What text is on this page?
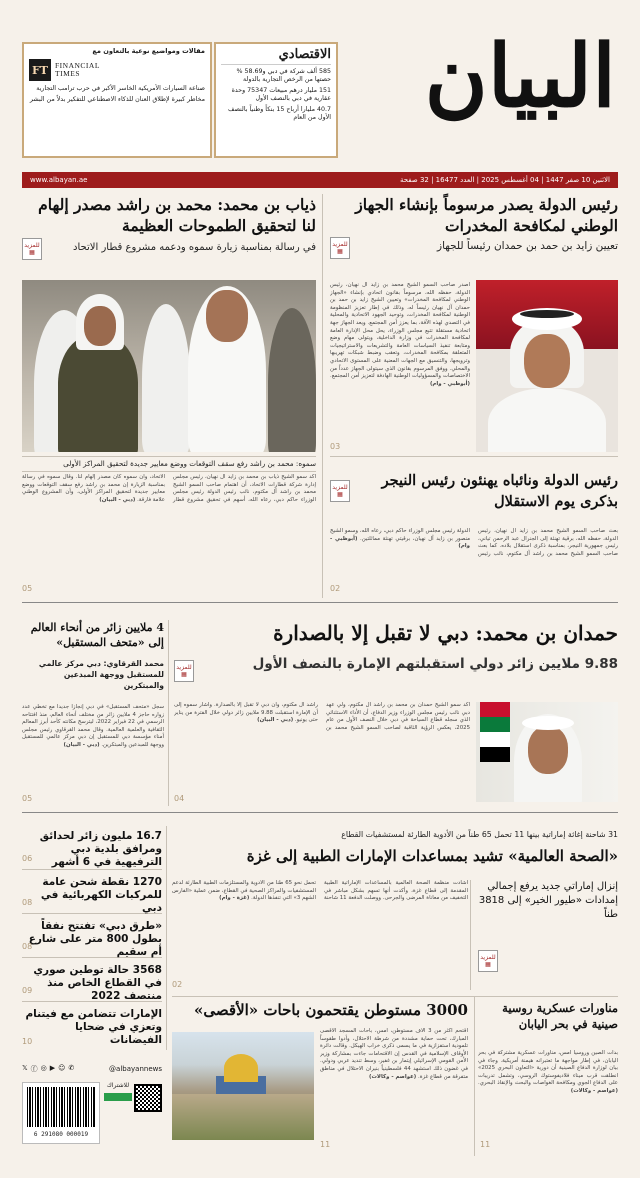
البيان
الاقتصادي

585 ألف شركة في دبي و58.69 % حصتها من الرخص التجارية بالدولة

151 مليار درهم مبيعات 75347 وحدة عقارية في دبي بالنصف الأول

40.7 مليارا أرباح 15 بنكاً وطنياً بالنصف الأول من العام

مقالات ومواضيع نوعية بالتعاون مع
FT FINANCIAL
TIMES

صناعة السيارات الأمريكية الخاسر الأكبر في حرب ترامب التجارية

مخاطر كبيرة لإطلاق العنان للذكاء الاصطناعي للتفكير بدلاً من البشر

www.albayan.ae	الاثنين 10 صفر 1447 | 04 أغسطس 2025 | العدد 16477 | 32 صفحة
رئيس الدولة يصدر مرسوماً بإنشاء الجهاز الوطني لمكافحة المخدرات
تعيين زايد بن حمد بن حمدان رئيساً للجهاز
للمزيد
▦
أصدر صاحب السمو الشيخ محمد بن زايد آل نهيان، رئيس الدولة، حفظه الله، مرسوماً بقانون اتحادي بإنشاء «الجهاز الوطني لمكافحة المخدرات» وتعيين الشيخ زايد بن حمد بن حمدان آل نهيان رئيساً له، وذلك في إطار تعزيز المنظومة الوطنية لمكافحة المخدرات، وتوحيد الجهود الاتحادية والمحلية في التصدي لهذه الآفة، بما يعزز أمن المجتمع. ويعد الجهاز جهة اتحادية مستقلة تتبع مجلس الوزراء، يحل محل الإدارة العامة لمكافحة المخدرات في وزارة الداخلية، ويتولى مهام وضع ومتابعة تنفيذ السياسات العامة والتشريعات والاستراتيجيات المتعلقة بمكافحة المخدرات، وتعقب وضبط شبكات تهريبها وترويجها، والتنسيق مع الجهات المعنية على المستوى الاتحادي والمحلي. ووفق المرسوم بقانون الذي سيتولى الجهاز عدداً من الاختصاصات والمسؤوليات الوطنية الهادفة لتعزيز أمن المجتمع. (أبوظبي - وام)
03
ذياب بن محمد: محمد بن راشد مصدر إلهام لنا لتحقيق الطموحات العظيمة
في رسالة بمناسبة زيارة سموه ودعمه مشروع قطار الاتحاد
للمزيد
▦
سموه: محمد بن راشد رفع سقف التوقعات ووضع معايير جديدة لتحقيق المراكز الأولى
أكد سمو الشيخ ذياب بن محمد بن زايد آل نهيان، رئيس مجلس إدارة شركة قطارات الاتحاد، أن اهتمام صاحب السمو الشيخ محمد بن راشد آل مكتوم، نائب رئيس الدولة رئيس مجلس الوزراء حاكم دبي، رعاه الله، أسهم في تحقيق مشروع قطار الاتحاد، وأن سموه كان مصدر إلهام لنا. وقال سموه في رسالة بمناسبة الزيارة إن محمد بن راشد رفع سقف التوقعات ووضع معايير جديدة لتحقيق المراكز الأولى، وأن المشروع الوطني علامة فارقة. (دبي - البيان)
05
رئيس الدولة ونائباه يهنئون رئيس النيجر بذكرى يوم الاستقلال
للمزيد
▦
بعث صاحب السمو الشيخ محمد بن زايد آل نهيان، رئيس الدولة، حفظه الله، برقية تهنئة إلى الجنرال عبد الرحمن تياني، رئيس جمهورية النيجر، بمناسبة ذكرى استقلال بلاده. كما بعث صاحب السمو الشيخ محمد بن راشد آل مكتوم، نائب رئيس الدولة رئيس مجلس الوزراء حاكم دبي، رعاه الله، وسمو الشيخ منصور بن زايد آل نهيان، برقيتي تهنئة مماثلتين. (أبوظبي - وام)
02
حمدان بن محمد: دبي لا تقبل إلا بالصدارة
9.88 ملايين زائر دولي استقبلتهم الإمارة بالنصف الأول
للمزيد
▦
أكد سمو الشيخ حمدان بن محمد بن راشد آل مكتوم، ولي عهد دبي نائب رئيس مجلس الوزراء وزير الدفاع، أن الأداء الاستثنائي الذي سجله قطاع السياحة في دبي خلال النصف الأول من عام 2025، يعكس الرؤية الثاقبة لصاحب السمو الشيخ محمد بن راشد آل مكتوم، وأن دبي لا تقبل إلا بالصدارة. وأشار سموه إلى أن الإمارة استقبلت 9.88 ملايين زائر دولي خلال الفترة من يناير حتى يونيو. (دبي - البيان)
04
4 ملايين زائر من أنحاء العالم إلى «متحف المستقبل»
محمد القرقاوي: دبي مركز عالمي للمستقبل ووجهة المبدعين والمبتكرين
سجل «متحف المستقبل» في دبي إنجازاً جديداً مع تخطي عدد زواره حاجز 4 ملايين زائر من مختلف أنحاء العالم، منذ افتتاحه الرسمي في 22 فبراير 2022، ليترسخ مكانته كأحد أبرز المعالم الثقافية والعلمية العالمية. وقال محمد القرقاوي رئيس مجلس أمناء مؤسسة دبي للمستقبل إن دبي مركز عالمي للمستقبل ووجهة للمبدعين والمبتكرين. (دبي - البيان)
05
31 شاحنة إغاثة إماراتية بينها 11 تحمل 65 طناً من الأدوية الطارئة لمستشفيات القطاع
«الصحة العالمية» تشيد بمساعدات الإمارات الطبية إلى غزة
أشادت منظمة الصحة العالمية بالمساعدات الإماراتية الطبية المقدمة إلى قطاع غزة، وأكدت أنها تسهم بشكل مباشر في التخفيف من معاناة المرضى والجرحى. ووصلت الدفعة 11 شاحنة تحمل نحو 65 طناً من الأدوية والمستلزمات الطبية الطارئة لدعم المستشفيات والمراكز الصحية في القطاع، ضمن عملية «الفارس الشهم 3» التي تنفذها الدولة. (غزة - وام)
02
إنزال إماراتي جديد يرفع إجمالي إمدادات «طيور الخير» إلى 3818 طناً
للمزيد
▦
16.7 مليون زائر لحدائق ومرافق بلدية دبي الترفيهية في 6 أشهر
06
1270 نقطة شحن عامة للمركبات الكهربائية في دبي
08
«طرق دبي» تفتتح نفقاً بطول 800 متر على شارع أم سقيم
08
3568 حالة توطين صوري في القطاع الخاص منذ منتصف 2022
09
الإمارات تتضامن مع فيتنام وتعزي في ضحايا الفيضانات
10
3000 مستوطن يقتحمون باحات «الأقصى»
اقتحم أكثر من 3 آلاف مستوطن، أمس، باحات المسجد الأقصى المبارك، تحت حماية مشددة من شرطة الاحتلال، وأدوا طقوساً تلمودية استفزازية في ما يسمى ذكرى خراب الهيكل. وقالت دائرة الأوقاف الإسلامية في القدس إن الاقتحامات جاءت بمشاركة وزير الأمن القومي الإسرائيلي إيتمار بن غفير، وسط تنديد عربي ودولي. في غضون ذلك استشهد 44 فلسطينياً بنيران الاحتلال في مناطق متفرقة من قطاع غزة. (عواصم - وكالات)
11
مناورات عسكرية روسية صينية في بحر اليابان
بدأت الصين وروسيا أمس، مناورات عسكرية مشتركة في بحر اليابان، في إطار مواجهة ما تعتبرانه هيمنة أمريكية. وجاء في بيان لوزارة الدفاع الصينية أن دورية «التعاون البحري 2025» انطلقت قرب ميناء فلاديفوستوك الروسي، وتشمل تدريبات على الدفاع الجوي ومكافحة الغواصات والبحث والإنقاذ البحري. (عواصم - وكالات)
11
𝕏 ⓕ ◎ ▶ ☺ ✆	@albayannews
6 291080 000019
للاشتراك
